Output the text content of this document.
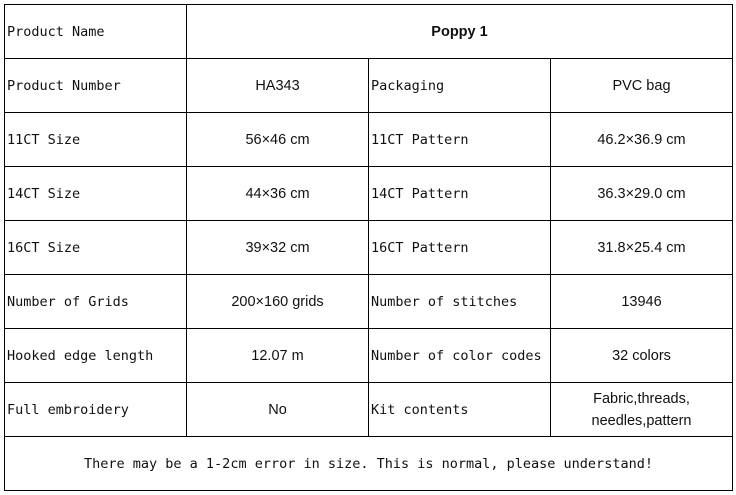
Product Name	Poppy 1		
Product Number	HA343	Packaging	PVC bag
11CT Size	56×46 cm	11CT Pattern	46.2×36.9 cm
14CT Size	44×36 cm	14CT Pattern	36.3×29.0 cm
16CT Size	39×32 cm	16CT Pattern	31.8×25.4 cm
Number of Grids	200×160 grids	Number of stitches	13946
Hooked edge length	12.07 m	Number of color codes	32 colors
Full embroidery	No	Kit contents	Fabric,threads,
needles,pattern

There may be a 1-2cm error in size. This is normal, please understand!			
